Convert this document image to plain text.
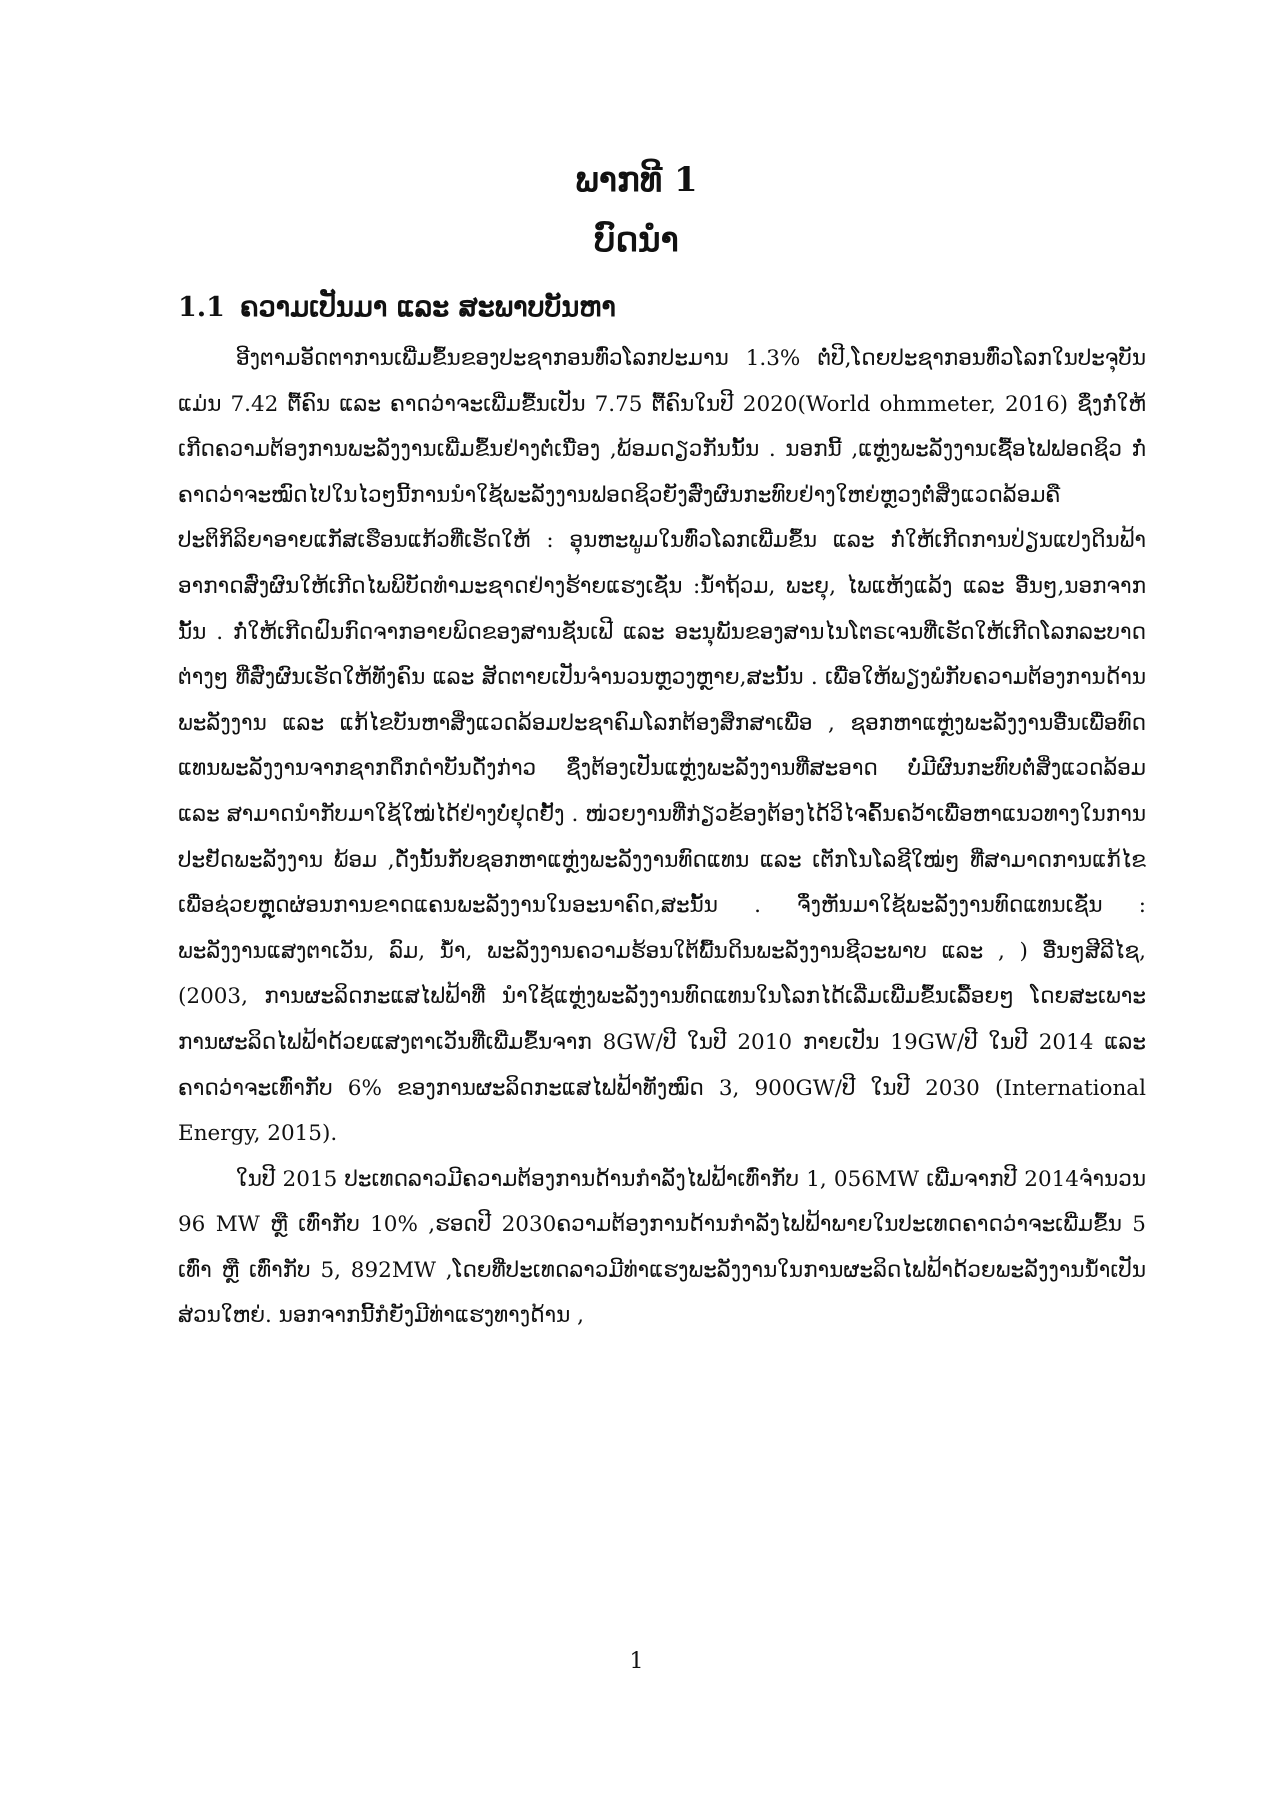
ພາກທີ 1
ບົດນຳ
1.1 ຄວາມເປັນມາ ແລະ ສະພາບບັນຫາ

ອີງຕາມອັດຕາການເພີ່ມຂຶ້ນຂອງປະຊາກອນທົ່ວໂລກປະມານ 1.3% ຕໍ່ປີ,ໂດຍປະຊາກອນທົ່ວໂລກໃນປະຈຸບັນແມ່ນ 7.42 ຕື້ຄົນ ແລະ ຄາດວ່າຈະເພີ່ມຂື້ນເປັນ 7.75 ຕື້ຄົນໃນປີ 2020(World ohmmeter, 2016) ຊຶ່ງກໍ່ໃຫ້ເກີດຄວາມຕ້ອງການພະລັງງານເພີ່ມຂຶ້ນຢ່າງຕໍ່ເນື່ອງ ,ພ້ອມດຽວກັນນັ້ນ . ນອກນີ້ ,ແຫຼ່ງພະລັງງານເຊື້ອໄຟຟອດຊິວ ກໍ່ຄາດວ່າຈະໝົດໄປໃນໄວໆນີ້ການນໍາໃຊ້ພະລັງງານຟອດຊິວຍັງສົ່ງຜົນກະທົບຢ່າງໃຫຍ່ຫຼວງຕໍ່ສິ່ງແວດລ້ອມຄືປະຕິກິລິຍາອາຍແກັສເຮືອນແກ້ວທີ່ເຮັດໃຫ້ : ອຸນຫະພູມໃນທົ່ວໂລກເພີ່ມຂຶ້ນ ແລະ ກໍ່ໃຫ້ເກີດການປ່ຽນແປງດິນຟ້າອາກາດສົ່ງຜົນໃຫ້ເກີດໄພພິບັດທໍາມະຊາດຢ່າງຮ້າຍແຮງເຊັ່ນ :ນໍ້າຖ້ວມ, ພະຍຸ, ໄພແຫ້ງແລ້ງ ແລະ ອື່ນໆ,ນອກຈາກນັ້ນ . ກໍ່ໃຫ້ເກີດຝົນກົດຈາກອາຍພິດຂອງສານຊັນເຟີ ແລະ ອະນຸພັນຂອງສານໄນໂຕຣເຈນທີ່ເຮັດໃຫ້ເກີດໂລກລະບາດຕ່າງໆ ທີ່ສົ່ງຜົນເຮັດໃຫ້ທັງຄົນ ແລະ ສັດຕາຍເປັນຈໍານວນຫຼວງຫຼາຍ,ສະນັ້ນ . ເພື່ອໃຫ້ພຽງພໍກັບຄວາມຕ້ອງການດ້ານພະລັງງານ ແລະ ແກ້ໄຂບັນຫາສິ່ງແວດລ້ອມປະຊາຄົມໂລກຕ້ອງສຶກສາເພື່ອ , ຊອກຫາແຫຼ່ງພະລັງງານອື່ນເພື່ອທົດແທນພະລັງງານຈາກຊາກດຶກດໍາບັນດັ່ງກ່າວ ຊຶ່ງຕ້ອງເປັນແຫຼ່ງພະລັງງານທີ່ສະອາດ ບໍ່ມີຜົນກະທົບຕໍ່ສິ່ງແວດລ້ອມ ແລະ ສາມາດນໍາກັບມາໃຊ້ໃໝ່ໄດ້ຢ່າງບໍ່ຢຸດຢັ້ງ . ໜ່ວຍງານທີ່ກ່ຽວຂ້ອງຕ້ອງໄດ້ວິໄຈຄົ້ນຄວ້າເພື່ອຫາແນວທາງໃນການປະຢັດພະລັງງານ ພ້ອມ ,ດັ່ງນັ້ນກັບຊອກຫາແຫຼ່ງພະລັງງານທົດແທນ ແລະ ເຕັກໂນໂລຊີໃໝ່ໆ ທີ່ສາມາດການແກ້ໄຂເພື່ອຊ່ວຍຫຼຸດຜ່ອນການຂາດແຄນພະລັງງານໃນອະນາຄົດ,ສະນັ້ນ . ຈຶ່ງຫັນມາໃຊ້ພະລັງງານທົດແທນເຊັ່ນ : ພະລັງງານແສງຕາເວັນ, ລົມ, ນໍ້າ, ພະລັງງານຄວາມຮ້ອນໃຕ້ພື້ນດິນພະລັງງານຊີວະພາບ ແລະ , ) ອື່ນໆສີລີໄຊ, (2003, ການຜະລິດກະແສໄຟຟ້າທີ່ ນໍາໃຊ້ແຫຼ່ງພະລັງງານທົດແທນໃນໂລກໄດ້ເລີ່ມເພີ່ມຂຶ້ນເລື້ອຍໆ ໂດຍສະເພາະການຜະລິດໄຟຟ້າດ້ວຍແສງຕາເວັນທີ່ເພີ່ມຂຶ້ນຈາກ 8GW/ປີ ໃນປີ 2010 ກາຍເປັນ 19GW/ປີ ໃນປີ 2014 ແລະ ຄາດວ່າຈະເທົ່າກັບ 6% ຂອງການຜະລິດກະແສໄຟຟ້າທັງໝົດ 3, 900GW/ປີ ໃນປີ 2030 (International Energy, 2015).

ໃນປີ 2015 ປະເທດລາວມີຄວາມຕ້ອງການດ້ານກໍາລັງໄຟຟ້າເທົ່າກັບ 1, 056MW ເພີ່ມຈາກປີ 2014ຈໍານວນ 96 MW ຫຼື ເທົ່າກັບ 10% ,ຮອດປີ 2030ຄວາມຕ້ອງການດ້ານກໍາລັງໄຟຟ້າພາຍໃນປະເທດຄາດວ່າຈະເພີ່ມຂຶ້ນ 5 ເທົ່າ ຫຼື ເທົ່າກັບ 5, 892MW ,ໂດຍທີ່ປະເທດລາວມີທ່າແຮງພະລັງງານໃນການຜະລິດໄຟຟ້າດ້ວຍພະລັງງານນໍ້າເປັນສ່ວນໃຫຍ່. ນອກຈາກນີ້ກໍຍັງມີທ່າແຮງທາງດ້ານ ,

1
